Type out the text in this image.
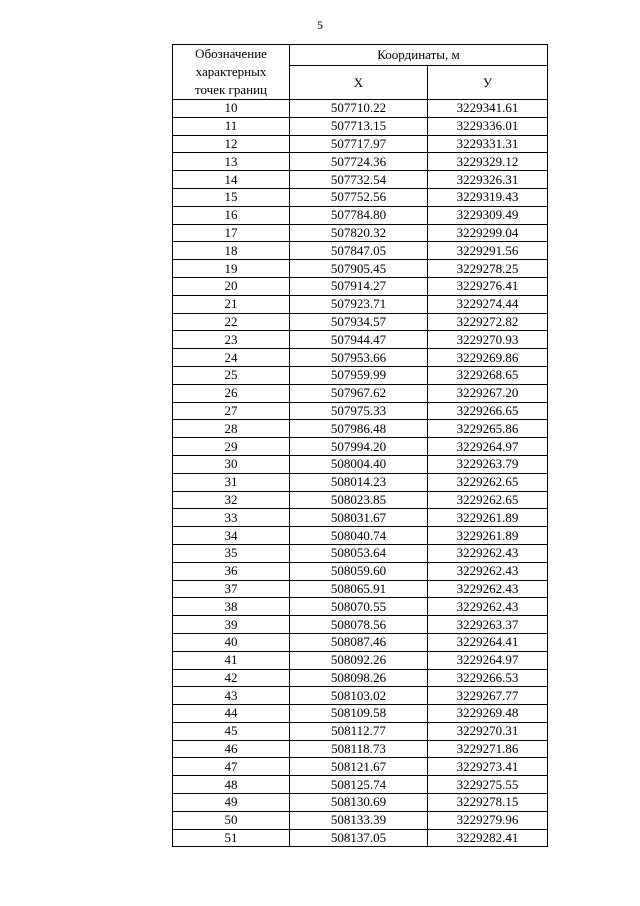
5
Обозначение
характерных
точек границ	Координаты, м	
	X	У
10	507710.22	3229341.61
11	507713.15	3229336.01
12	507717.97	3229331.31
13	507724.36	3229329.12
14	507732.54	3229326.31
15	507752.56	3229319.43
16	507784.80	3229309.49
17	507820.32	3229299.04
18	507847.05	3229291.56
19	507905.45	3229278.25
20	507914.27	3229276.41
21	507923.71	3229274.44
22	507934.57	3229272.82
23	507944.47	3229270.93
24	507953.66	3229269.86
25	507959.99	3229268.65
26	507967.62	3229267.20
27	507975.33	3229266.65
28	507986.48	3229265.86
29	507994.20	3229264.97
30	508004.40	3229263.79
31	508014.23	3229262.65
32	508023.85	3229262.65
33	508031.67	3229261.89
34	508040.74	3229261.89
35	508053.64	3229262.43
36	508059.60	3229262.43
37	508065.91	3229262.43
38	508070.55	3229262.43
39	508078.56	3229263.37
40	508087.46	3229264.41
41	508092.26	3229264.97
42	508098.26	3229266.53
43	508103.02	3229267.77
44	508109.58	3229269.48
45	508112.77	3229270.31
46	508118.73	3229271.86
47	508121.67	3229273.41
48	508125.74	3229275.55
49	508130.69	3229278.15
50	508133.39	3229279.96
51	508137.05	3229282.41
